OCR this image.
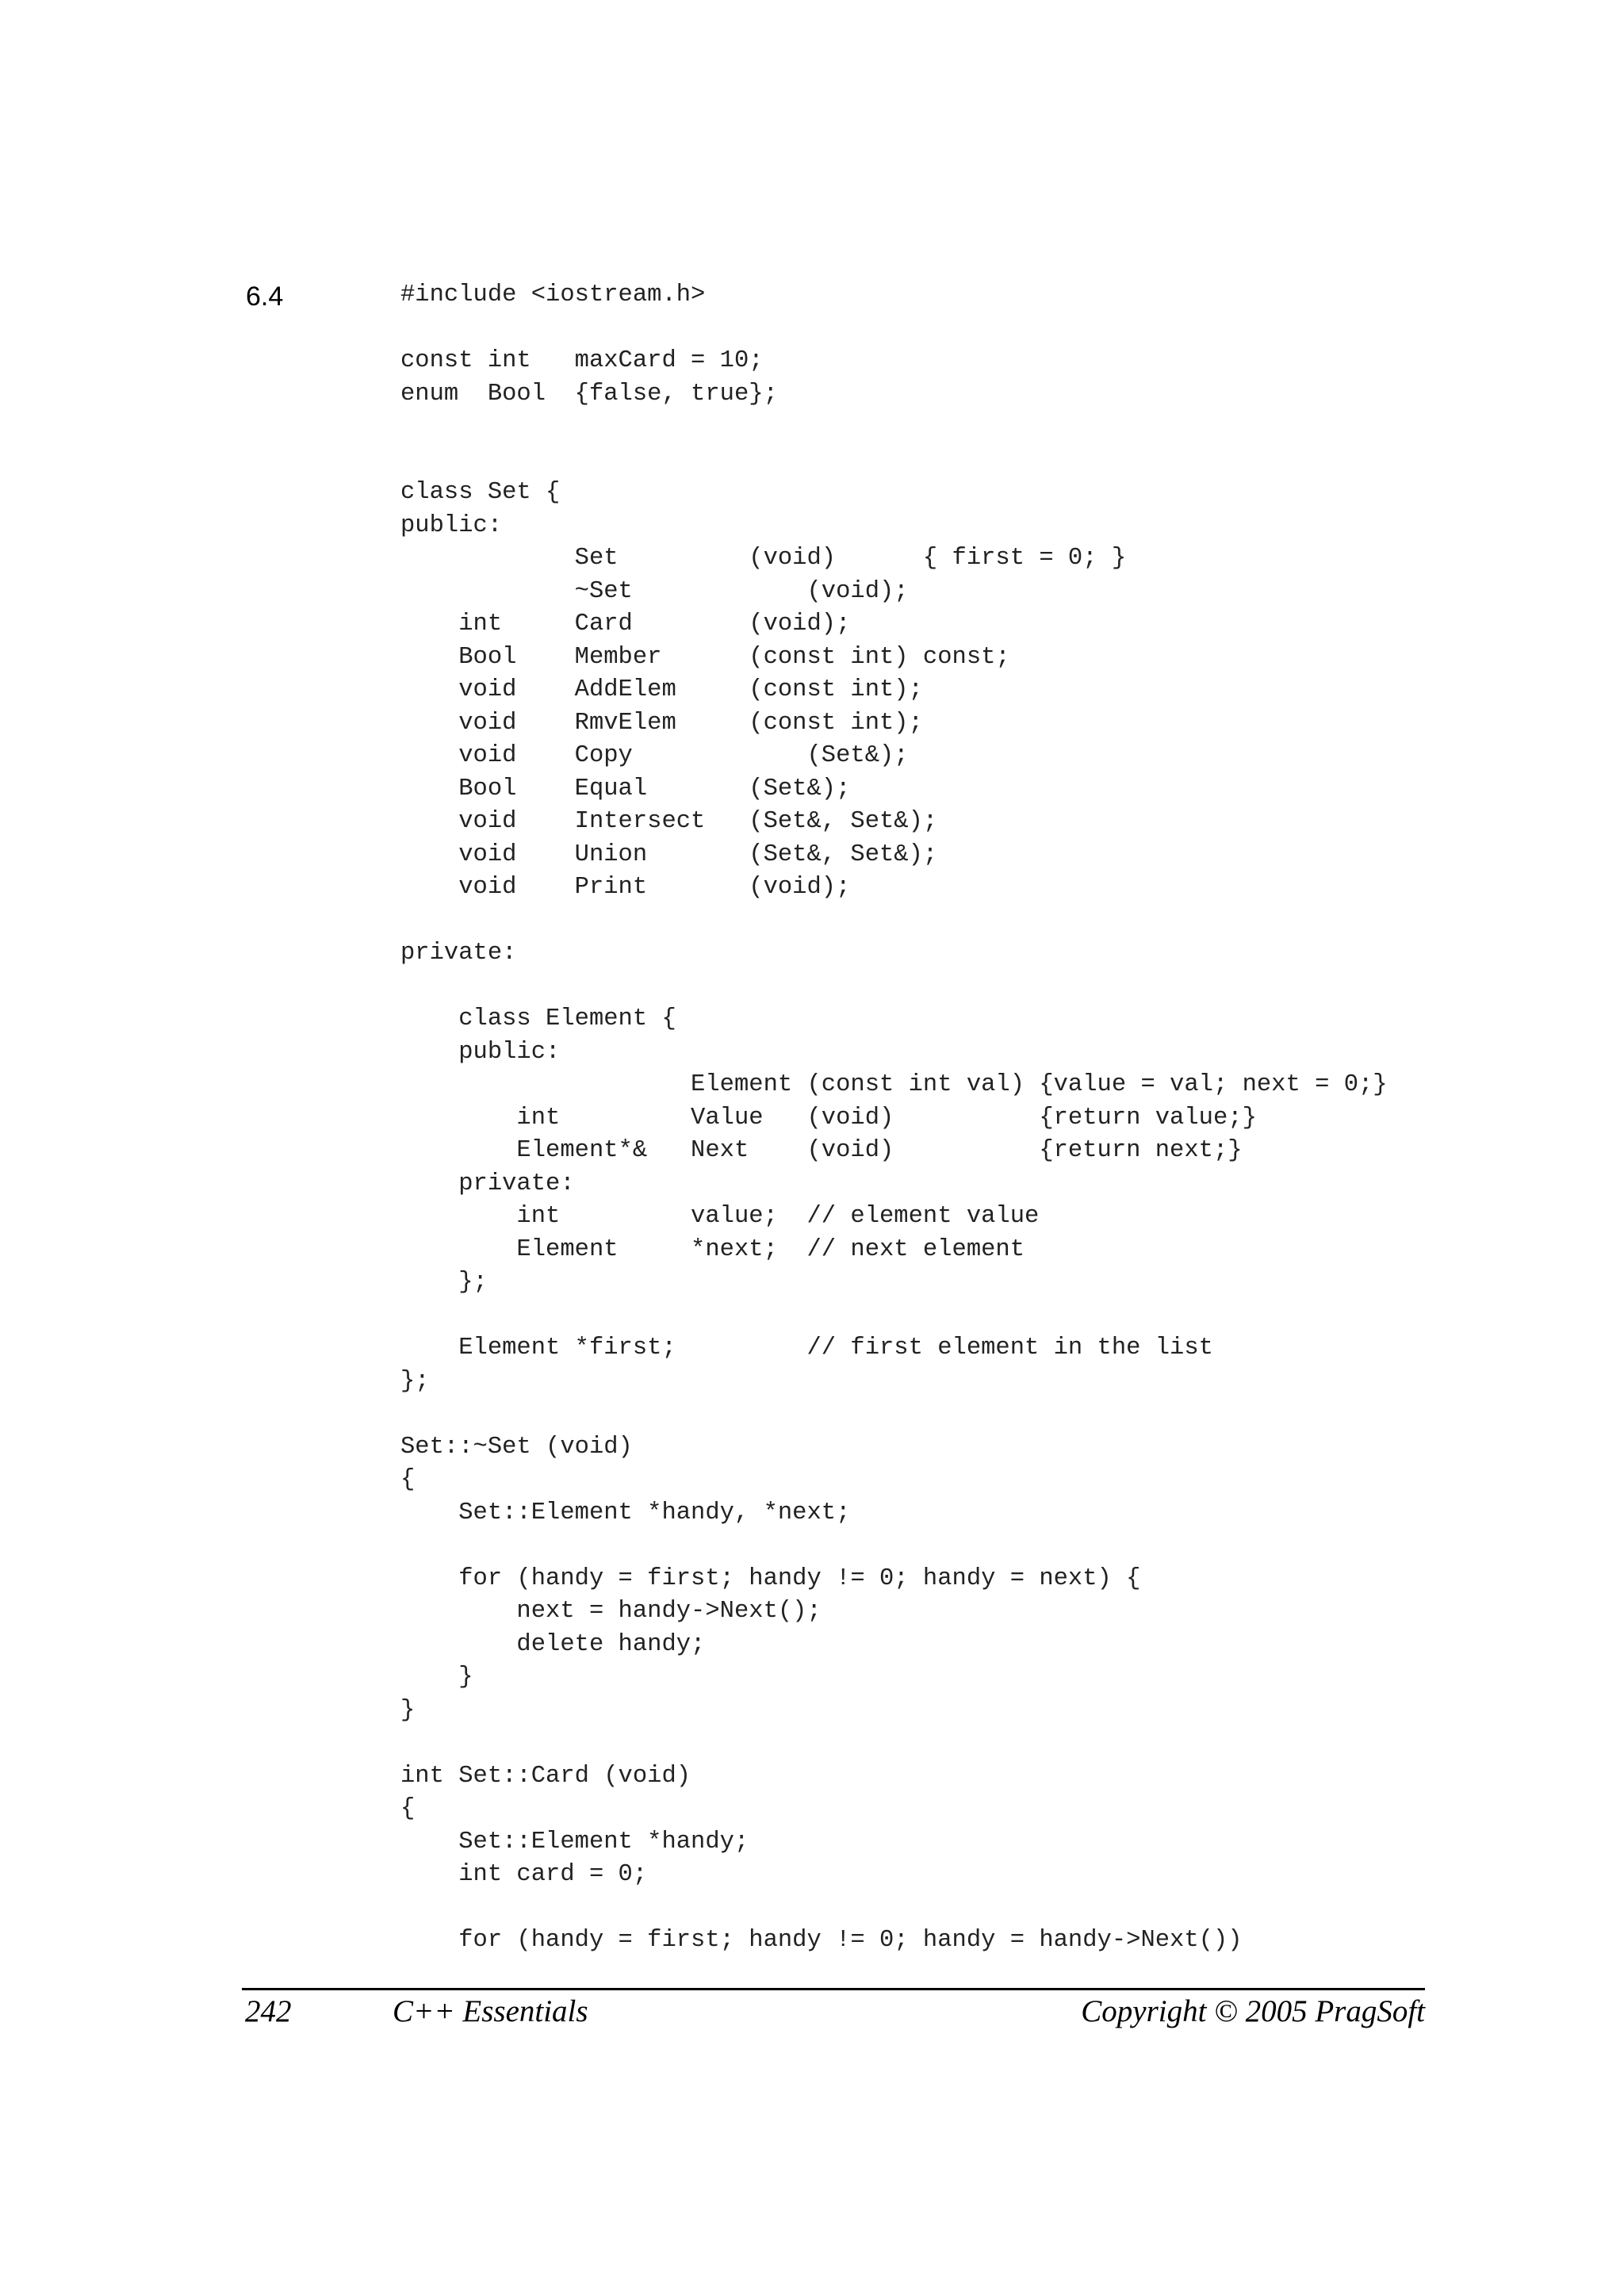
6.4	#include <iostream.h>
const int   maxCard = 10;
enum  Bool  {false, true};
class Set {
public:
Set         (void)      { first = 0; }
~Set            (void);
int     Card        (void);
Bool    Member      (const int) const;
void    AddElem     (const int);
void    RmvElem     (const int);
void    Copy            (Set&);
Bool    Equal       (Set&);
void    Intersect   (Set&, Set&);
void    Union       (Set&, Set&);
void    Print       (void);
private:
class Element {
public:
Element (const int val) {value = val; next = 0;}
int         Value   (void)          {return value;}
Element*&   Next    (void)          {return next;}
private:
int         value;  // element value
Element     *next;  // next element
};
Element *first;         // first element in the list
};
Set::~Set (void)
{
Set::Element *handy, *next;
for (handy = first; handy != 0; handy = next) {
next = handy->Next();
delete handy;
}
}
int Set::Card (void)
{
Set::Element *handy;
int card = 0;
for (handy = first; handy != 0; handy = handy->Next())
242	C++ Essentials	Copyright © 2005 PragSoft
